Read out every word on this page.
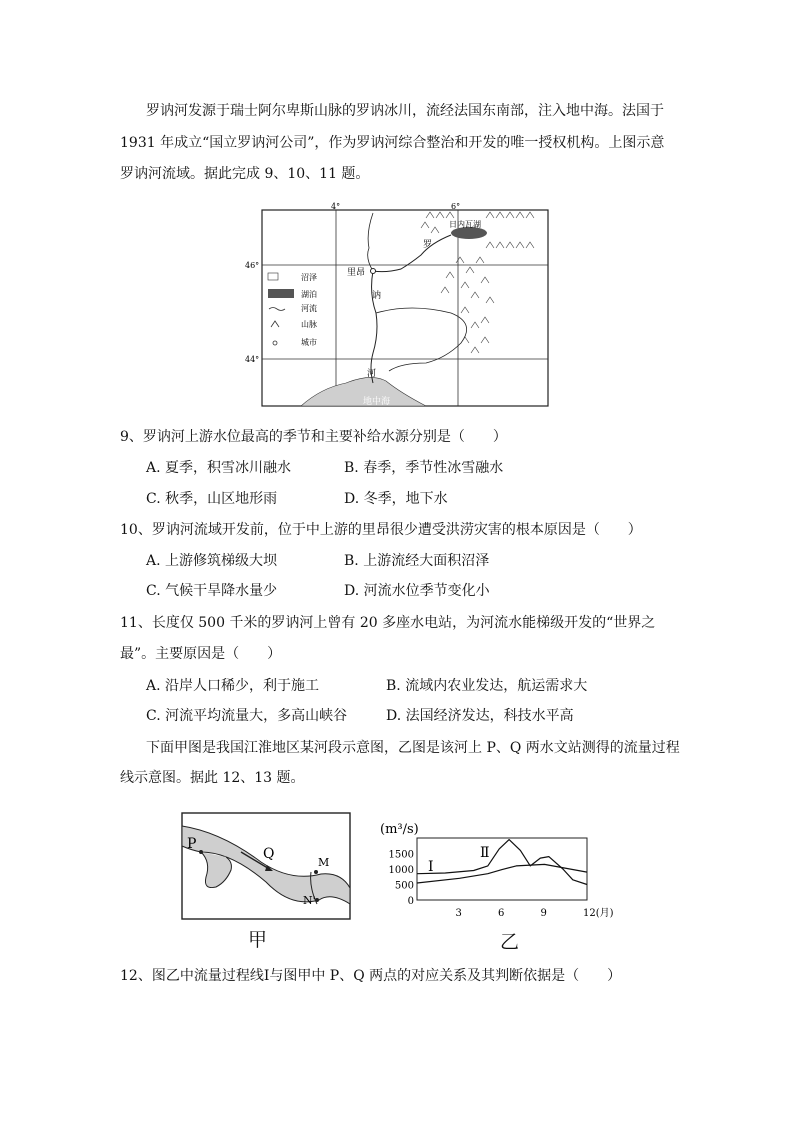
罗讷河发源于瑞士阿尔卑斯山脉的罗讷冰川，流经法国东南部，注入地中海。法国于
1931 年成立“国立罗讷河公司”，作为罗讷河综合整治和开发的唯一授权机构。上图示意
罗讷河流域。据此完成 9、10、11 题。
4°	6°
46°
44°
地中海
日内瓦湖
里昂
罗
讷
河
沼泽
湖泊
河流
山脉
城市
9、罗讷河上游水位最高的季节和主要补给水源分别是（　　）
A. 夏季，积雪冰川融水	B. 春季，季节性冰雪融水
C. 秋季，山区地形雨	D. 冬季，地下水
10、罗讷河流域开发前，位于中上游的里昂很少遭受洪涝灾害的根本原因是（　　）
A. 上游修筑梯级大坝	B. 上游流经大面积沼泽
C. 气候干旱降水量少	D. 河流水位季节变化小
11、长度仅 500 千米的罗讷河上曾有 20 多座水电站，为河流水能梯级开发的“世界之
最”。主要原因是（　　）
A. 沿岸人口稀少，利于施工	B. 流域内农业发达，航运需求大
C. 河流平均流量大，多高山峡谷	D. 法国经济发达，科技水平高
下面甲图是我国江淮地区某河段示意图，乙图是该河上 P、Q 两水文站测得的流量过程
线示意图。据此 12、13 题。
P
Q
M
N'
甲
(m³/s)
1500
1000
500
0
3	6	9	12(月)
Ⅰ
Ⅱ
乙
12、图乙中流量过程线Ⅰ与图甲中 P、Q 两点的对应关系及其判断依据是（　　）
